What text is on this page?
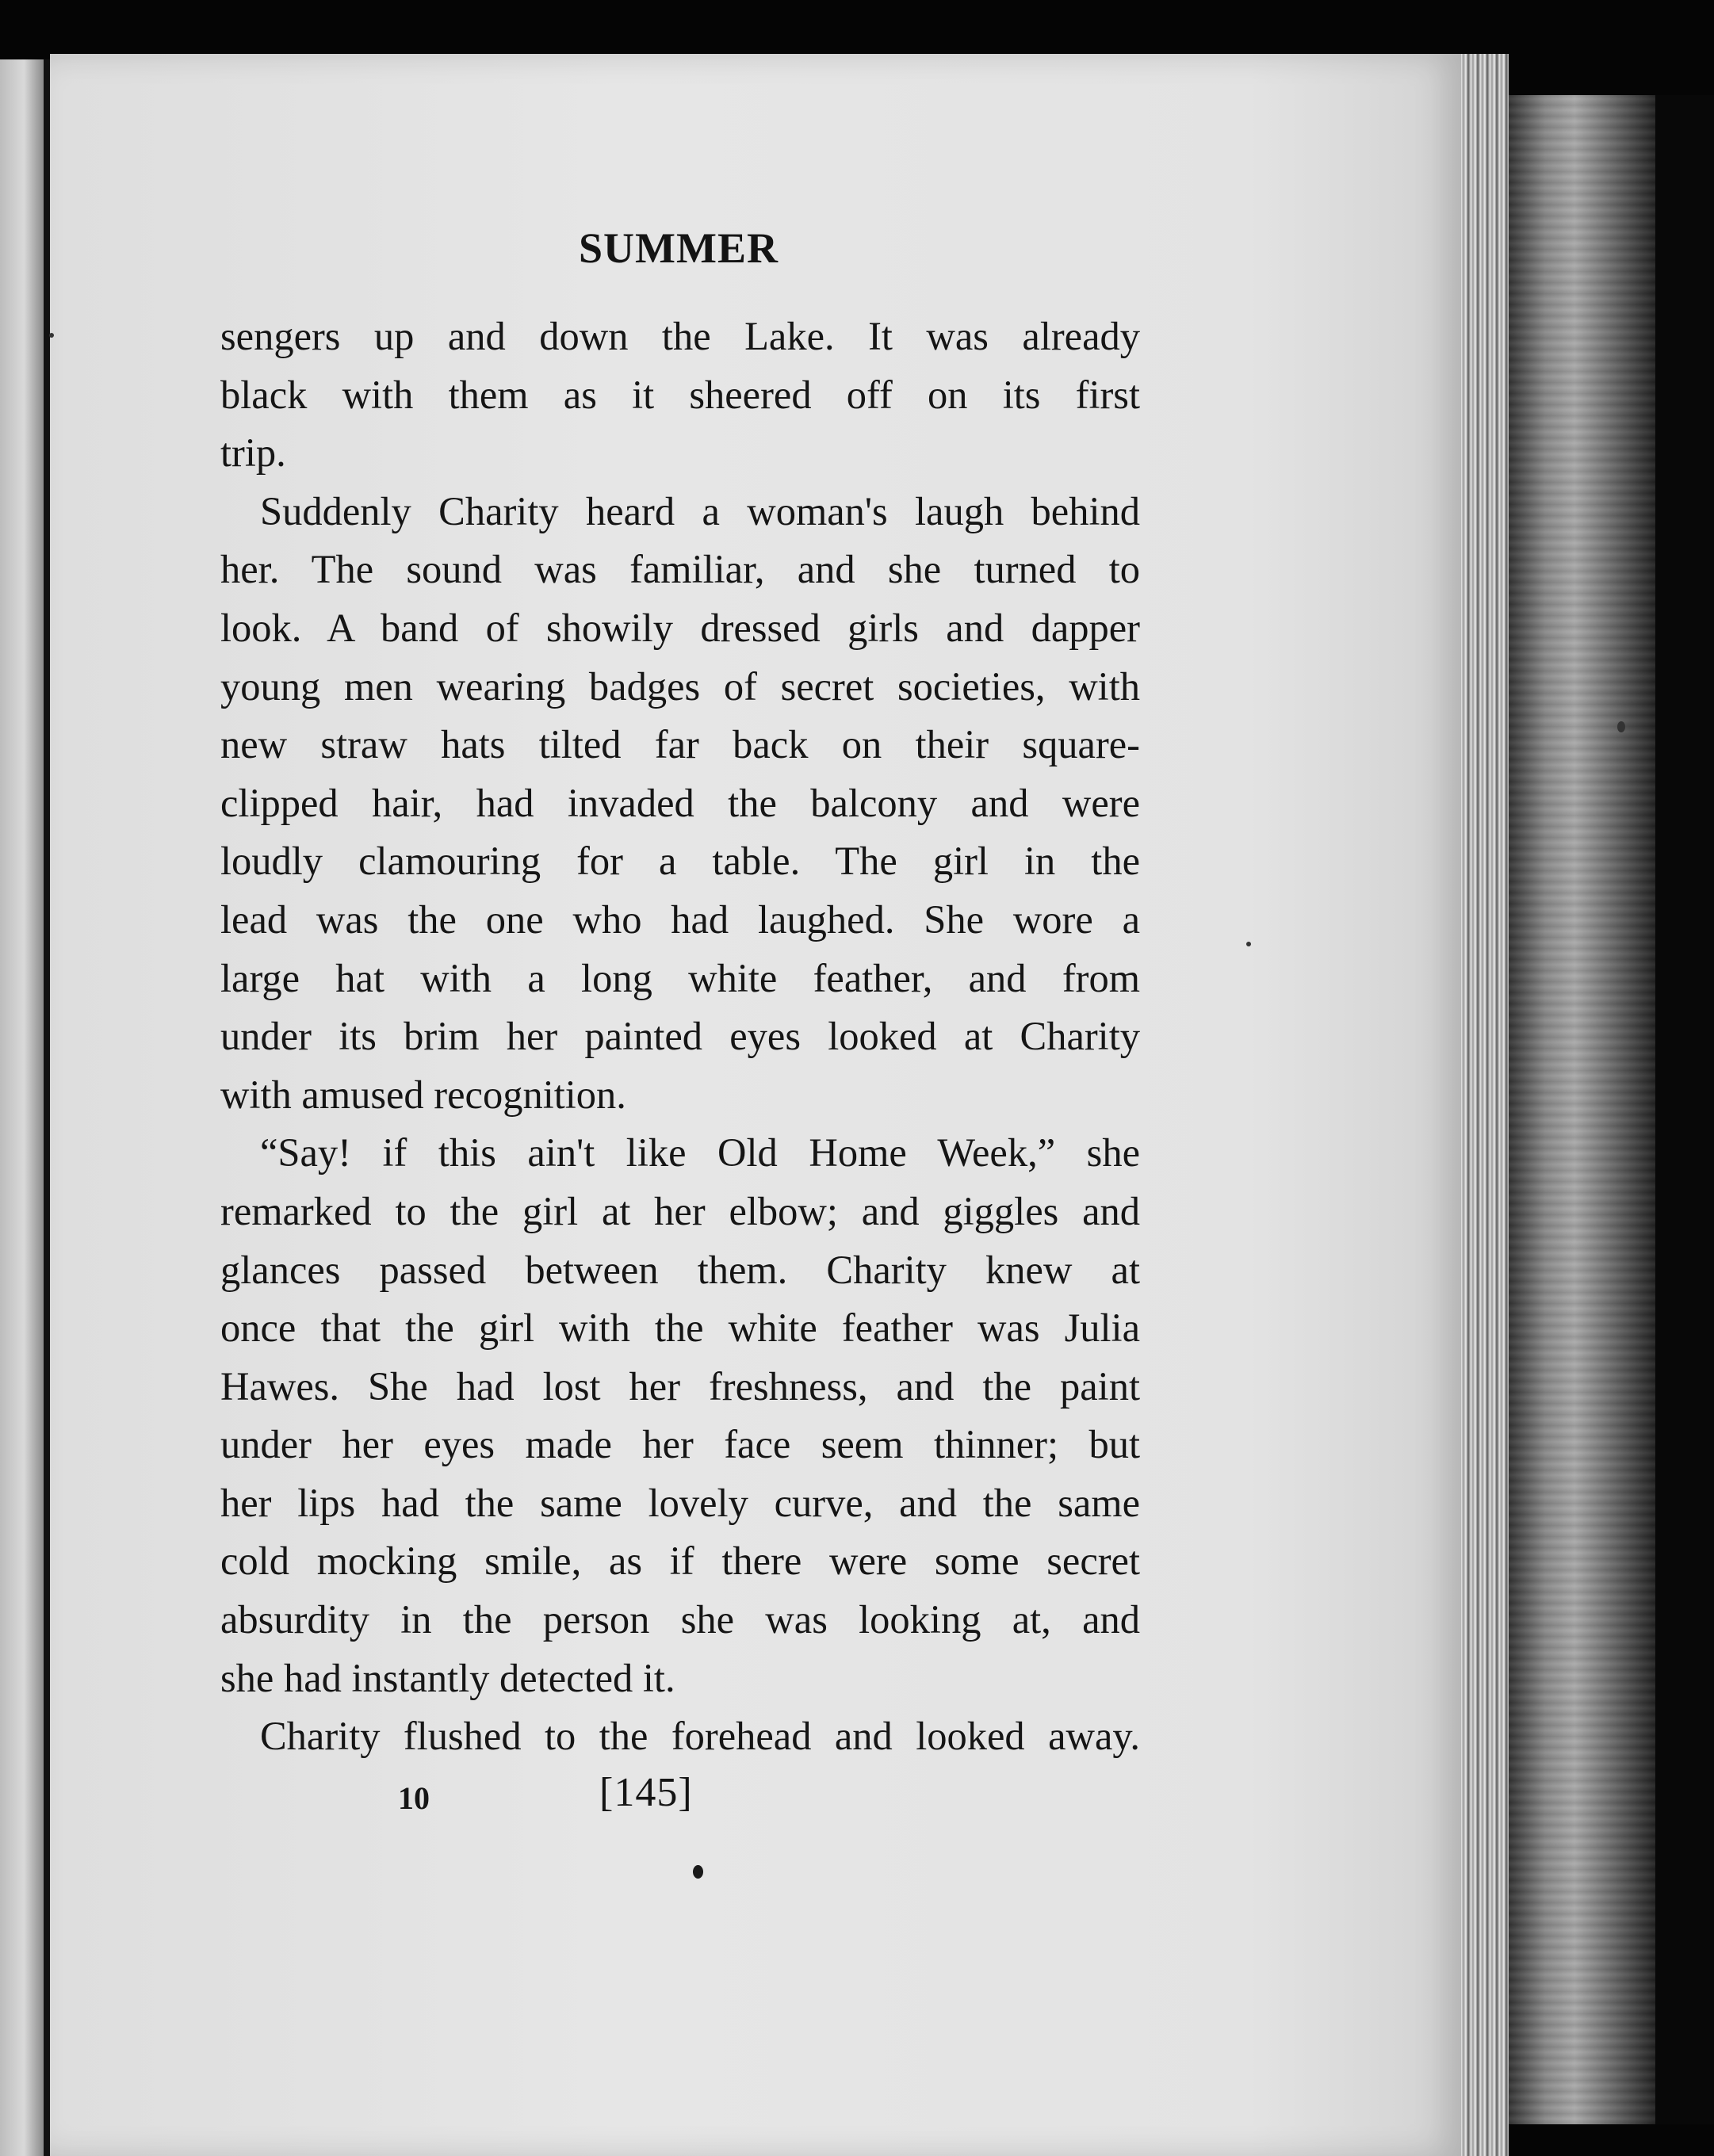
SUMMER
sengers up and down the Lake. It was already
black with them as it sheered off on its first
trip.
Suddenly Charity heard a woman's laugh behind
her. The sound was familiar, and she turned to
look. A band of showily dressed girls and dapper
young men wearing badges of secret societies, with
new straw hats tilted far back on their square-
clipped hair, had invaded the balcony and were
loudly clamouring for a table. The girl in the
lead was the one who had laughed. She wore a
large hat with a long white feather, and from
under its brim her painted eyes looked at Charity
with amused recognition.
“Say! if this ain't like Old Home Week,” she
remarked to the girl at her elbow; and giggles and
glances passed between them. Charity knew at
once that the girl with the white feather was Julia
Hawes. She had lost her freshness, and the paint
under her eyes made her face seem thinner; but
her lips had the same lovely curve, and the same
cold mocking smile, as if there were some secret
absurdity in the person she was looking at, and
she had instantly detected it.
Charity flushed to the forehead and looked away.
10	[145]
